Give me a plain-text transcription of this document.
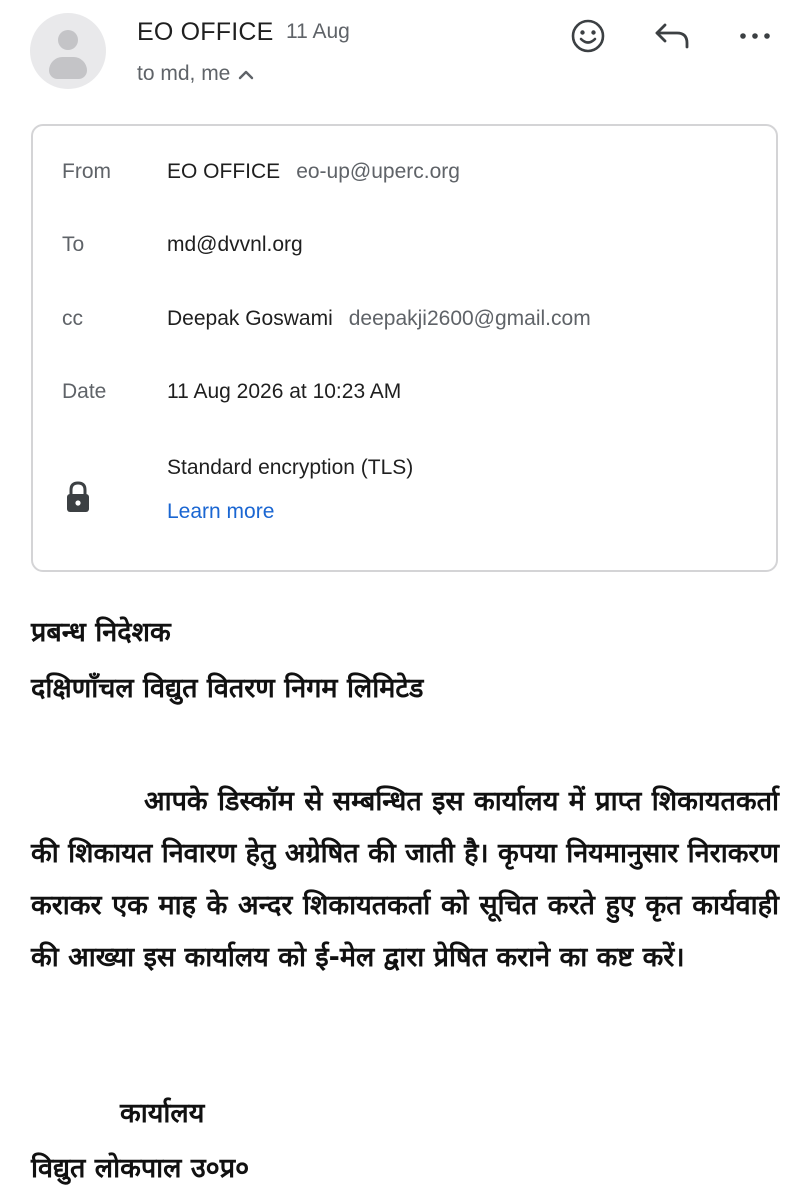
EO OFFICE 11 Aug
to md, me
From	EO OFFICE eo-up@uperc.org
To	md@dvvnl.org
cc	Deepak Goswami deepakji2600@gmail.com
Date	11 Aug 2026 at 10:23 AM
Standard encryption (TLS)
Learn more
प्रबन्ध निदेशक
दक्षिणाँचल विद्युत वितरण निगम लिमिटेड
आपके डिस्कॉम से सम्बन्धित इस कार्यालय में प्राप्त शिकायतकर्ता की शिकायत निवारण हेतु अग्रेषित की जाती है। कृपया नियमानुसार निराकरण कराकर एक माह के अन्दर शिकायतकर्ता को सूचित करते हुए कृत कार्यवाही की आख्या इस कार्यालय को ई-मेल द्वारा प्रेषित कराने का कष्ट करें।
कार्यालय
विद्युत लोकपाल उ०प्र०
